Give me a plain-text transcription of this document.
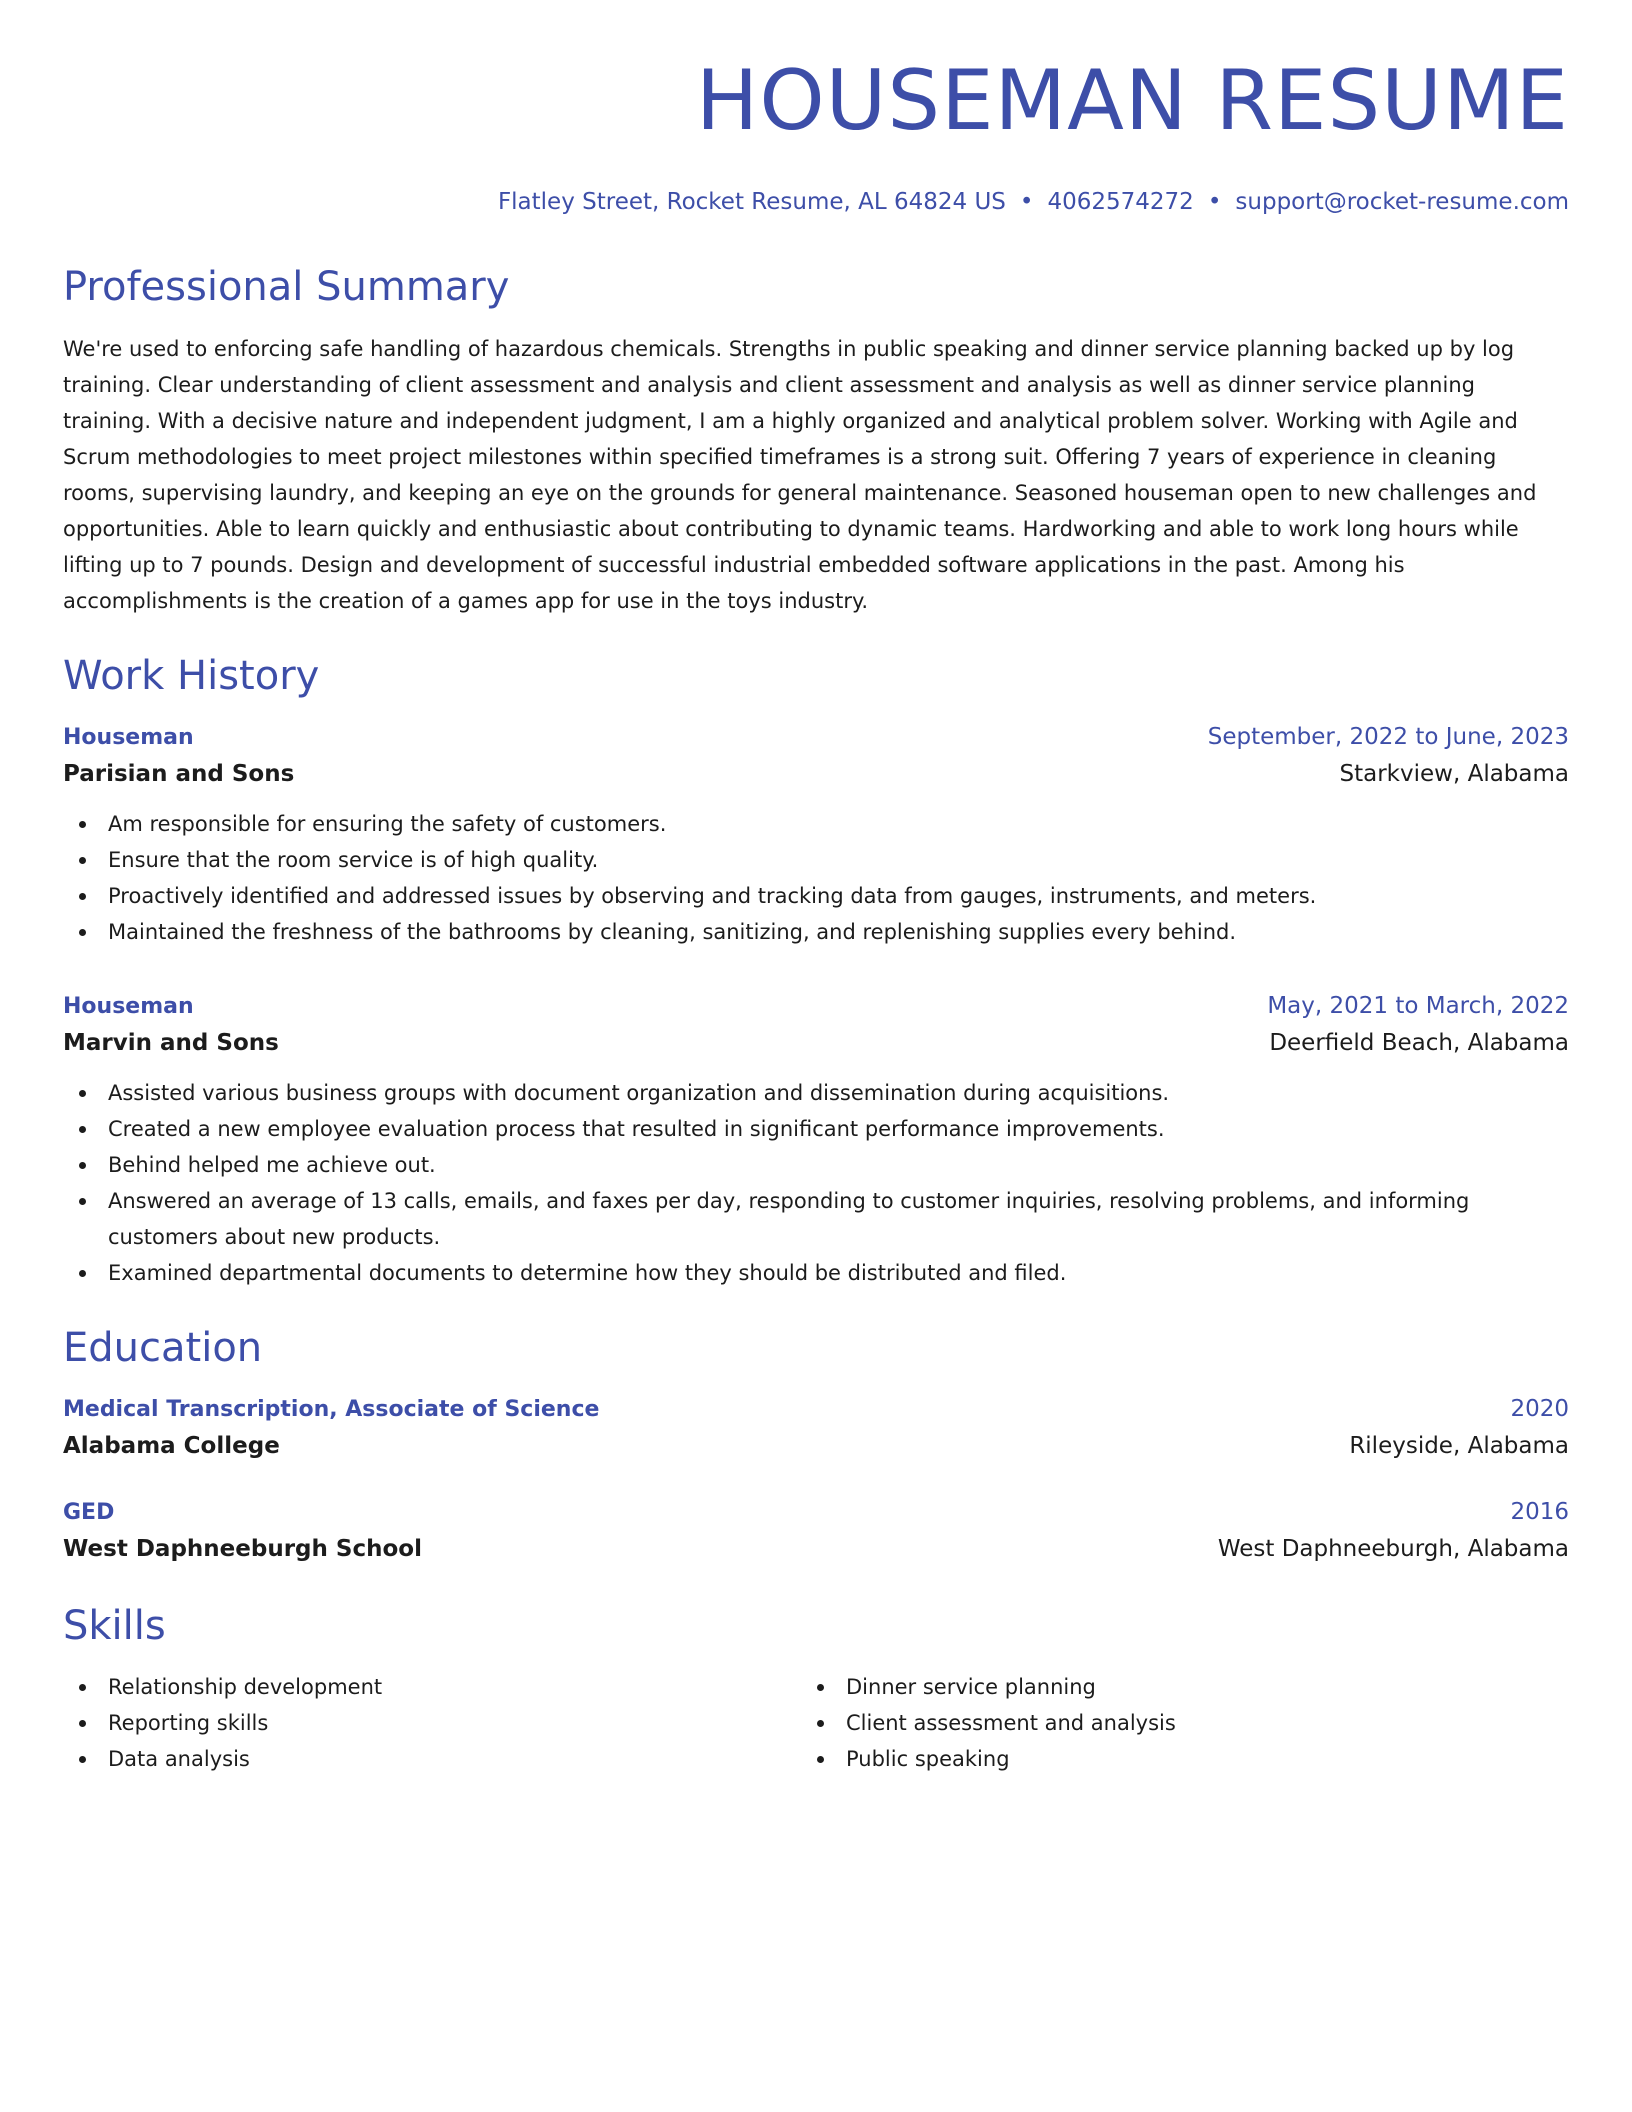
HOUSEMAN RESUME
Flatley Street, Rocket Resume, AL 64824 US • 4062574272 • support@rocket-resume.com
Professional Summary

We're used to enforcing safe handling of hazardous chemicals. Strengths in public speaking and dinner service planning backed up by log training. Clear understanding of client assessment and analysis and client assessment and analysis as well as dinner service planning training. With a decisive nature and independent judgment, I am a highly organized and analytical problem solver. Working with Agile and Scrum methodologies to meet project milestones within specified timeframes is a strong suit. Offering 7 years of experience in cleaning rooms, supervising laundry, and keeping an eye on the grounds for general maintenance. Seasoned houseman open to new challenges and opportunities. Able to learn quickly and enthusiastic about contributing to dynamic teams. Hardworking and able to work long hours while lifting up to 7 pounds. Design and development of successful industrial embedded software applications in the past. Among his accomplishments is the creation of a games app for use in the toys industry.

Work History
Houseman	September, 2022 to June, 2023
Parisian and Sons	Starkview, Alabama
Am responsible for ensuring the safety of customers.
Ensure that the room service is of high quality.
Proactively identified and addressed issues by observing and tracking data from gauges, instruments, and meters.
Maintained the freshness of the bathrooms by cleaning, sanitizing, and replenishing supplies every behind.
Houseman	May, 2021 to March, 2022
Marvin and Sons	Deerfield Beach, Alabama
Assisted various business groups with document organization and dissemination during acquisitions.
Created a new employee evaluation process that resulted in significant performance improvements.
Behind helped me achieve out.
Answered an average of 13 calls, emails, and faxes per day, responding to customer inquiries, resolving problems, and informing customers about new products.
Examined departmental documents to determine how they should be distributed and filed.
Education
Medical Transcription, Associate of Science	2020
Alabama College	Rileyside, Alabama
GED	2016
West Daphneeburgh School	West Daphneeburgh, Alabama
Skills
Relationship development
Reporting skills
Data analysis
Dinner service planning
Client assessment and analysis
Public speaking
